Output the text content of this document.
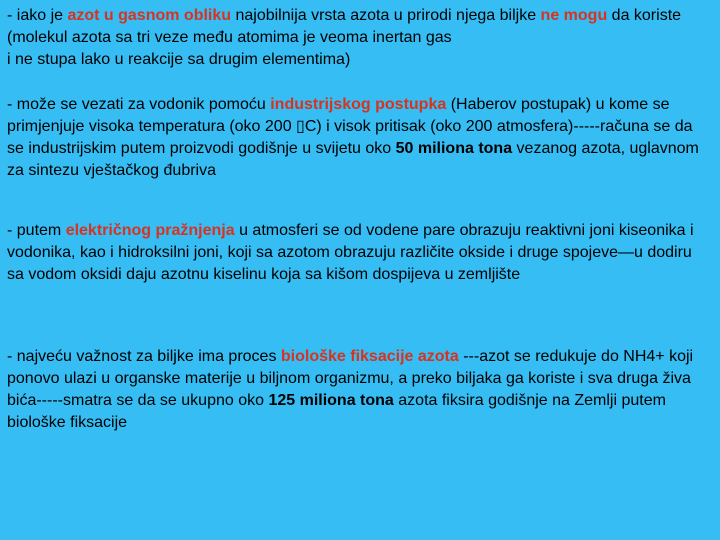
- iako je azot u gasnom obliku najobilnija vrsta azota u prirodi njega biljke ne mogu da koriste (molekul azota sa tri veze među atomima je veoma inertan gas
i ne stupa lako u reakcije sa drugim elementima)

- može se vezati za vodonik pomoću industrijskog postupka (Haberov postupak) u kome se primjenjuje visoka temperatura (oko 200 ▯C) i visok pritisak (oko 200 atmosfera)-----računa se da se industrijskim putem proizvodi godišnje u svijetu oko 50 miliona tona vezanog azota, uglavnom za sintezu vještačkog đubriva

- putem električnog pražnjenja u atmosferi se od vodene pare obrazuju reaktivni joni kiseonika i vodonika, kao i hidroksilni joni, koji sa azotom obrazuju različite okside i druge spojeve—u dodiru sa vodom oksidi daju azotnu kiselinu koja sa kišom dospijeva u zemljište

- najveću važnost za biljke ima proces biološke fiksacije azota ---azot se redukuje do NH4+ koji ponovo ulazi u organske materije u biljnom organizmu, a preko biljaka ga koriste i sva druga živa bića-----smatra se da se ukupno oko 125 miliona tona azota fiksira godišnje na Zemlji putem biološke fiksacije
